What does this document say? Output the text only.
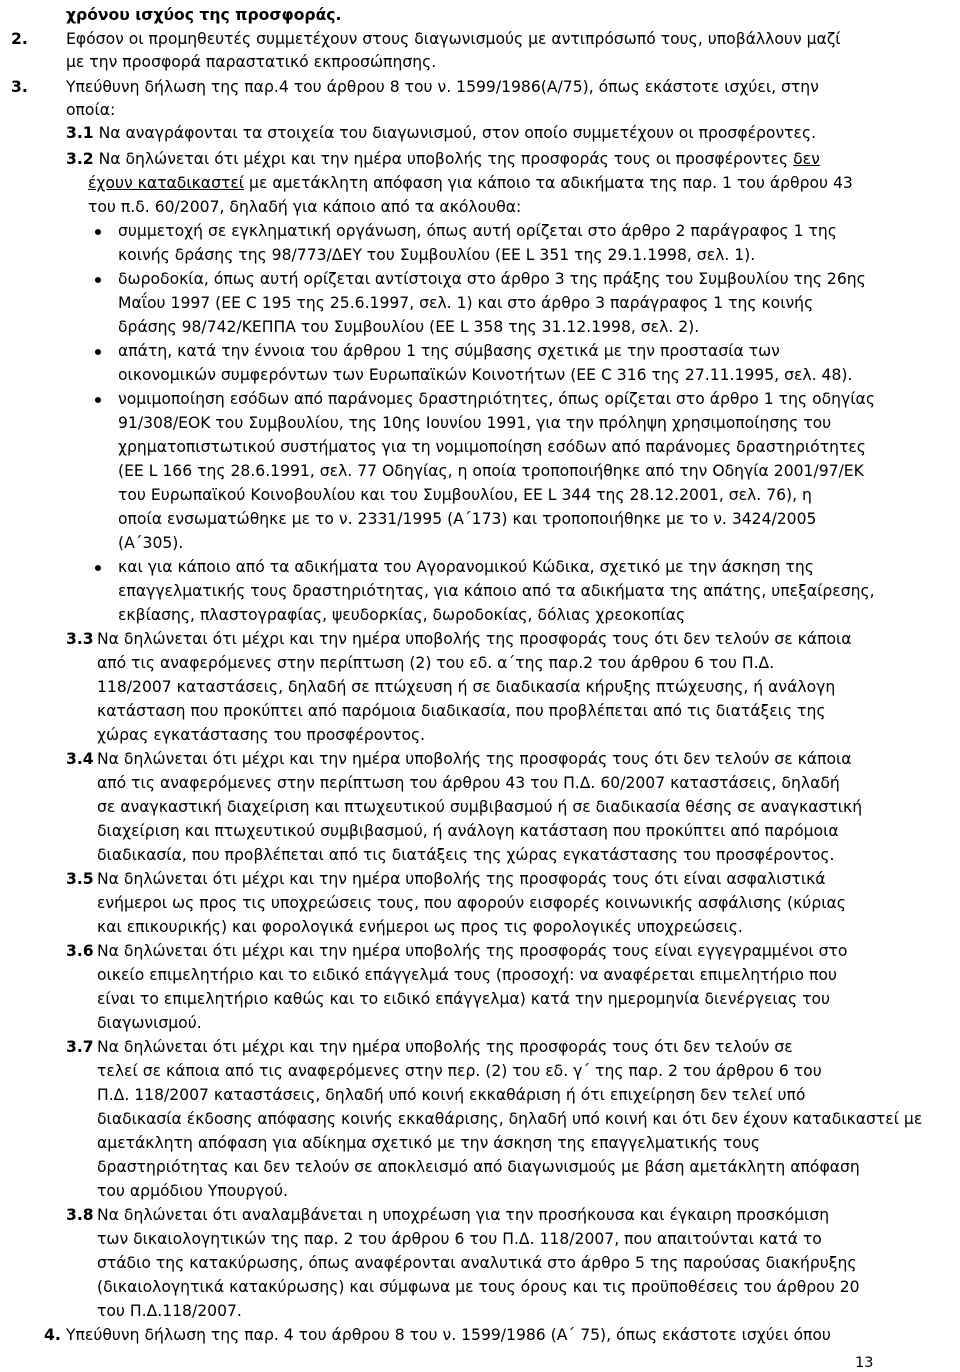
χρόνου ισχύος της προσφοράς.
2. Εφόσον οι προμηθευτές συμμετέχουν στους διαγωνισμούς με αντιπρόσωπό τους, υποβάλλουν μαζί
με την προσφορά παραστατικό εκπροσώπησης.
3. Υπεύθυνη δήλωση της παρ.4 του άρθρου 8 του ν. 1599/1986(Α/75), όπως εκάστοτε ισχύει, στην
οποία:
3.1 Να αναγράφονται τα στοιχεία του διαγωνισμού, στον οποίο συμμετέχουν οι προσφέροντες.
3.2 Να δηλώνεται ότι μέχρι και την ημέρα υποβολής της προσφοράς τους οι προσφέροντες δεν
έχουν καταδικαστεί με αμετάκλητη απόφαση για κάποιο τα αδικήματα της παρ. 1 του άρθρου 43
του π.δ. 60/2007, δηλαδή για κάποιο από τα ακόλουθα:
συμμετοχή σε εγκληματική οργάνωση, όπως αυτή ορίζεται στο άρθρο 2 παράγραφος 1 της
κοινής δράσης της 98/773/ΔΕΥ του Συμβουλίου (ΕΕ L 351 της 29.1.1998, σελ. 1).
δωροδοκία, όπως αυτή ορίζεται αντίστοιχα στο άρθρο 3 της πράξης του Συμβουλίου της 26ης
Μαΐου 1997 (ΕΕ C 195 της 25.6.1997, σελ. 1) και στο άρθρο 3 παράγραφος 1 της κοινής
δράσης 98/742/ΚΕΠΠΑ του Συμβουλίου (ΕΕ L 358 της 31.12.1998, σελ. 2).
απάτη, κατά την έννοια του άρθρου 1 της σύμβασης σχετικά με την προστασία των
οικονομικών συμφερόντων των Ευρωπαϊκών Κοινοτήτων (ΕΕ C 316 της 27.11.1995, σελ. 48).
νομιμοποίηση εσόδων από παράνομες δραστηριότητες, όπως ορίζεται στο άρθρο 1 της οδηγίας
91/308/ΕΟΚ του Συμβουλίου, της 10ης Ιουνίου 1991, για την πρόληψη χρησιμοποίησης του
χρηματοπιστωτικού συστήματος για τη νομιμοποίηση εσόδων από παράνομες δραστηριότητες
(ΕΕ L 166 της 28.6.1991, σελ. 77 Οδηγίας, η οποία τροποποιήθηκε από την Οδηγία 2001/97/ΕΚ
του Ευρωπαϊκού Κοινοβουλίου και του Συμβουλίου, ΕΕ L 344 της 28.12.2001, σελ. 76), η
οποία ενσωματώθηκε με το ν. 2331/1995 (Α΄173) και τροποποιήθηκε με το ν. 3424/2005
(Α΄305).
και για κάποιο από τα αδικήματα του Αγορανομικού Κώδικα, σχετικό με την άσκηση της
επαγγελματικής τους δραστηριότητας, για κάποιο από τα αδικήματα της απάτης, υπεξαίρεσης,
εκβίασης, πλαστογραφίας, ψευδορκίας, δωροδοκίας, δόλιας χρεοκοπίας
3.3 Να δηλώνεται ότι μέχρι και την ημέρα υποβολής της προσφοράς τους ότι δεν τελούν σε κάποια
από τις αναφερόμενες στην περίπτωση (2) του εδ. α΄της παρ.2 του άρθρου 6 του Π.Δ.
118/2007 καταστάσεις, δηλαδή σε πτώχευση ή σε διαδικασία κήρυξης πτώχευσης, ή ανάλογη
κατάσταση που προκύπτει από παρόμοια διαδικασία, που προβλέπεται από τις διατάξεις της
χώρας εγκατάστασης του προσφέροντος.
3.4 Να δηλώνεται ότι μέχρι και την ημέρα υποβολής της προσφοράς τους ότι δεν τελούν σε κάποια
από τις αναφερόμενες στην περίπτωση του άρθρου 43 του Π.Δ. 60/2007 καταστάσεις, δηλαδή
σε αναγκαστική διαχείριση και πτωχευτικού συμβιβασμού ή σε διαδικασία θέσης σε αναγκαστική
διαχείριση και πτωχευτικού συμβιβασμού, ή ανάλογη κατάσταση που προκύπτει από παρόμοια
διαδικασία, που προβλέπεται από τις διατάξεις της χώρας εγκατάστασης του προσφέροντος.
3.5 Να δηλώνεται ότι μέχρι και την ημέρα υποβολής της προσφοράς τους ότι είναι ασφαλιστικά
ενήμεροι ως προς τις υποχρεώσεις τους, που αφορούν εισφορές κοινωνικής ασφάλισης (κύριας
και επικουρικής) και φορολογικά ενήμεροι ως προς τις φορολογικές υποχρεώσεις.
3.6 Να δηλώνεται ότι μέχρι και την ημέρα υποβολής της προσφοράς τους είναι εγγεγραμμένοι στο
οικείο επιμελητήριο και το ειδικό επάγγελμά τους (προσοχή: να αναφέρεται επιμελητήριο που
είναι το επιμελητήριο καθώς και το ειδικό επάγγελμα) κατά την ημερομηνία διενέργειας του
διαγωνισμού.
3.7 Να δηλώνεται ότι μέχρι και την ημέρα υποβολής της προσφοράς τους ότι δεν τελούν σε
τελεί σε κάποια από τις αναφερόμενες στην περ. (2) του εδ. γ΄ της παρ. 2 του άρθρου 6 του
Π.Δ. 118/2007 καταστάσεις, δηλαδή υπό κοινή εκκαθάριση ή ότι επιχείρηση δεν τελεί υπό
διαδικασία έκδοσης απόφασης κοινής εκκαθάρισης, δηλαδή υπό κοινή και ότι δεν έχουν καταδικαστεί με
αμετάκλητη απόφαση για αδίκημα σχετικό με την άσκηση της επαγγελματικής τους
δραστηριότητας και δεν τελούν σε αποκλεισμό από διαγωνισμούς με βάση αμετάκλητη απόφαση
του αρμόδιου Υπουργού.
3.8 Να δηλώνεται ότι αναλαμβάνεται η υποχρέωση για την προσήκουσα και έγκαιρη προσκόμιση
των δικαιολογητικών της παρ. 2 του άρθρου 6 του Π.Δ. 118/2007, που απαιτούνται κατά το
στάδιο της κατακύρωσης, όπως αναφέρονται αναλυτικά στο άρθρο 5 της παρούσας διακήρυξης
(δικαιολογητικά κατακύρωσης) και σύμφωνα με τους όρους και τις προϋποθέσεις του άρθρου 20
του Π.Δ.118/2007.
4. Υπεύθυνη δήλωση της παρ. 4 του άρθρου 8 του ν. 1599/1986 (Α΄ 75), όπως εκάστοτε ισχύει όπου
13
